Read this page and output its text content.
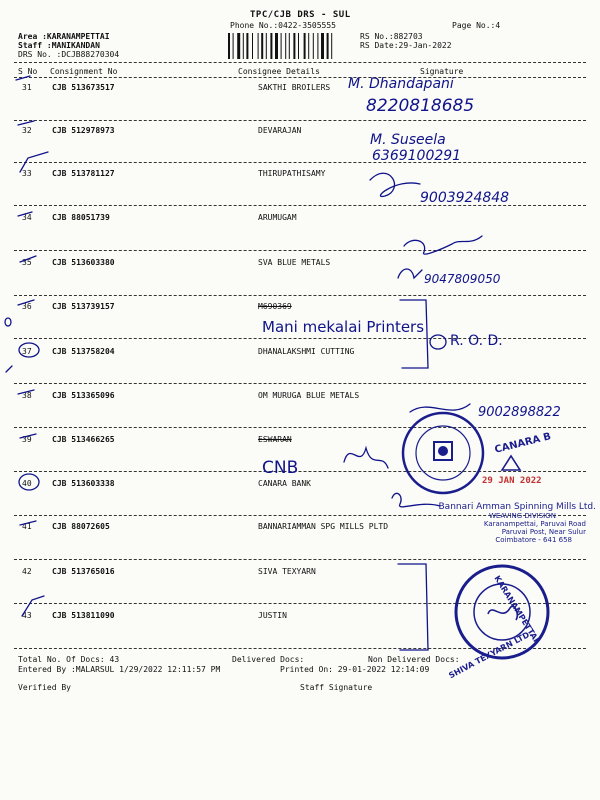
TPC/CJB DRS - SUL
Phone No.:0422-3505555	Page No.:4
Area :KARANAMPETTAI
Staff :MANIKANDAN
DRS No. :DCJB88270304
RS No.:882703
RS Date:29-Jan-2022
S No Consignment No	Consignee Details	Signature
31	CJB 513673517	SAKTHI BROILERS
32	CJB 512978973	DEVARAJAN
33	CJB 513781127	THIRUPATHISAMY
34	CJB 88051739	ARUMUGAM
35	CJB 513603380	SVA BLUE METALS
36	CJB 513739157	M690369
37	CJB 513758204	DHANALAKSHMI CUTTING
38	CJB 513365096	OM MURUGA BLUE METALS
39	CJB 513466265	ESWARAN
40	CJB 513603338	CANARA BANK
41	CJB 88072605	BANNARIAMMAN SPG MILLS PLTD
42	CJB 513765016	SIVA TEXYARN
43	CJB 513811090	JUSTIN
M. Dhandapani
8220818685
M. Suseela
6369100291
9003924848
9047809050
Mani mekalai Printers
R. O. D.
9002898822
CNB
CANARA B
29 JAN 2022
Bannari Amman Spinning Mills Ltd.
WEAVING DIVISION
Karanampettai, Paruvai Road
Paruvai Post, Near Sulur
Coimbatore - 641 658
SHIVA TEXYARN LTD.
KARANAMPETTAI
Total No. Of Docs: 43	Delivered Docs:	Non Delivered Docs:
Entered By :MALARSUL 1/29/2022 12:11:57 PM	Printed On: 29-01-2022 12:14:09
Verified By	Staff Signature
